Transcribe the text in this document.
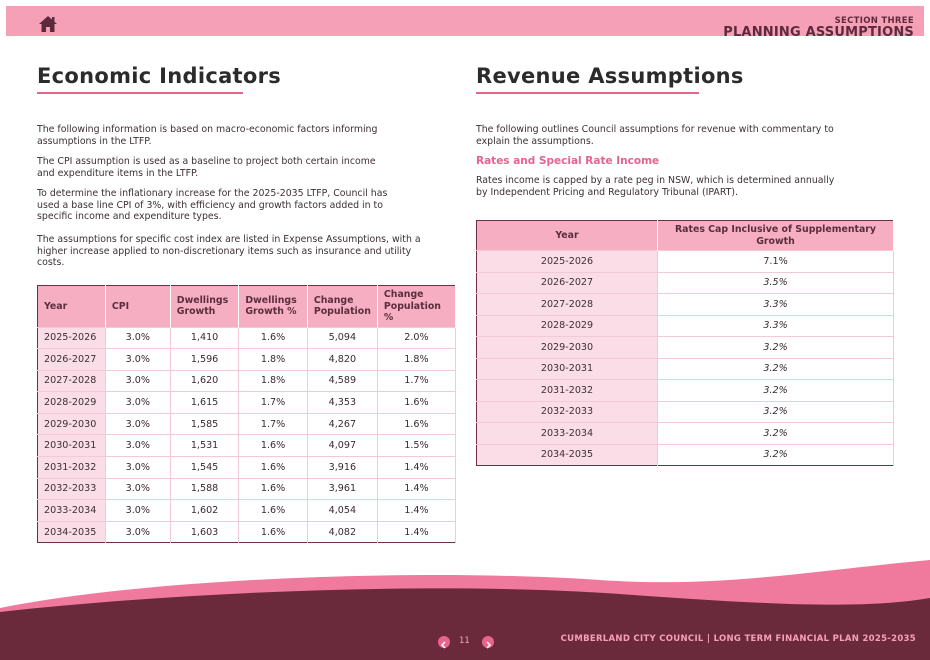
SECTION THREE
PLANNING ASSUMPTIONS
Economic Indicators

The following information is based on macro-economic factors informing assumptions in the LTFP.

The CPI assumption is used as a baseline to project both certain income and expenditure items in the LTFP.

To determine the inflationary increase for the 2025-2035 LTFP, Council has used a base line CPI of 3%, with efficiency and growth factors added in to specific income and expenditure types.

The assumptions for specific cost index are listed in Expense Assumptions, with a higher increase applied to non-discretionary items such as insurance and utility costs.

Year	CPI	Dwellings Growth	Dwellings Growth %	Change Population	Change Population %
2025-2026	3.0%	1,410	1.6%	5,094	2.0%
2026-2027	3.0%	1,596	1.8%	4,820	1.8%
2027-2028	3.0%	1,620	1.8%	4,589	1.7%
2028-2029	3.0%	1,615	1.7%	4,353	1.6%
2029-2030	3.0%	1,585	1.7%	4,267	1.6%
2030-2031	3.0%	1,531	1.6%	4,097	1.5%
2031-2032	3.0%	1,545	1.6%	3,916	1.4%
2032-2033	3.0%	1,588	1.6%	3,961	1.4%
2033-2034	3.0%	1,602	1.6%	4,054	1.4%
2034-2035	3.0%	1,603	1.6%	4,082	1.4%
Revenue Assumptions

The following outlines Council assumptions for revenue with commentary to explain the assumptions.

Rates and Special Rate Income

Rates income is capped by a rate peg in NSW, which is determined annually by Independent Pricing and Regulatory Tribunal (IPART).

Year	Rates Cap Inclusive of Supplementary Growth
2025-2026	7.1%
2026-2027	3.5%
2027-2028	3.3%
2028-2029	3.3%
2029-2030	3.2%
2030-2031	3.2%
2031-2032	3.2%
2032-2033	3.2%
2033-2034	3.2%
2034-2035	3.2%
11	CUMBERLAND CITY COUNCIL | LONG TERM FINANCIAL PLAN 2025-2035
